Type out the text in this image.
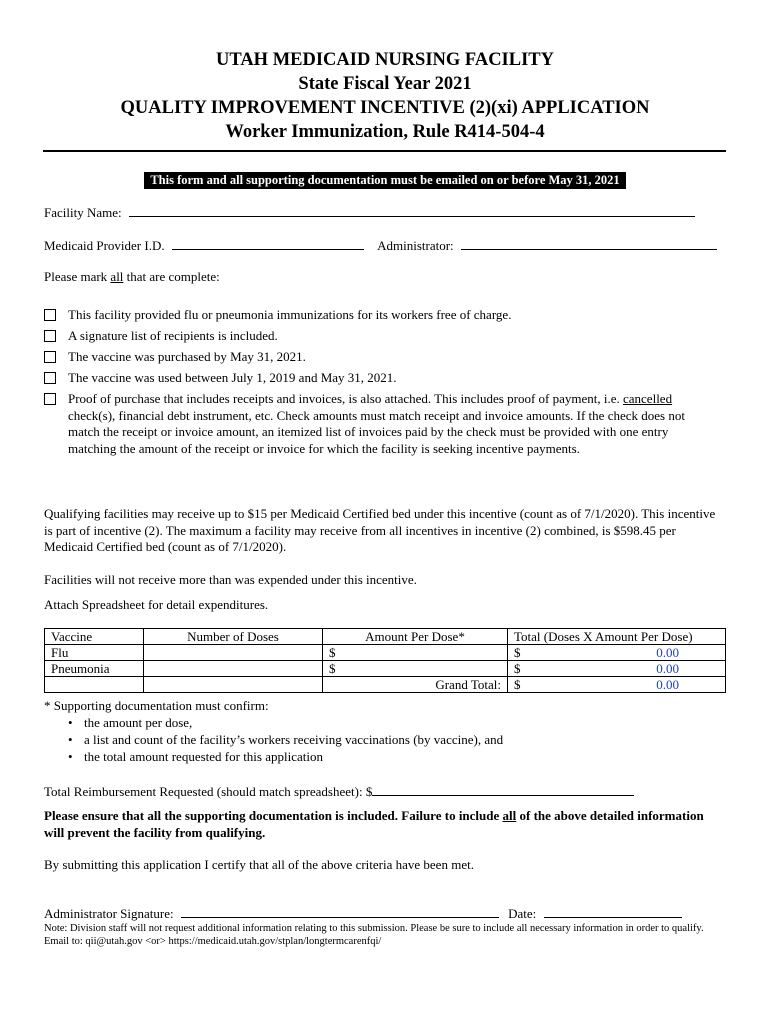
UTAH MEDICAID NURSING FACILITY
State Fiscal Year 2021
QUALITY IMPROVEMENT INCENTIVE (2)(xi) APPLICATION
Worker Immunization, Rule R414-504-4
This form and all supporting documentation must be emailed on or before May 31, 2021
Facility Name:
Medicaid Provider I.D.	Administrator:
Please mark all that are complete:
This facility provided flu or pneumonia immunizations for its workers free of charge.
A signature list of recipients is included.
The vaccine was purchased by May 31, 2021.
The vaccine was used between July 1, 2019 and May 31, 2021.
Proof of purchase that includes receipts and invoices, is also attached. This includes proof of payment, i.e. cancelled check(s), financial debt instrument, etc. Check amounts must match receipt and invoice amounts. If the check does not match the receipt or invoice amount, an itemized list of invoices paid by the check must be provided with one entry matching the amount of the receipt or invoice for which the facility is seeking incentive payments.
Qualifying facilities may receive up to $15 per Medicaid Certified bed under this incentive (count as of 7/1/2020). This incentive is part of incentive (2). The maximum a facility may receive from all incentives in incentive (2) combined, is $598.45 per Medicaid Certified bed (count as of 7/1/2020).
Facilities will not receive more than was expended under this incentive.
Attach Spreadsheet for detail expenditures.
Vaccine	Number of Doses	Amount Per Dose*	Total (Doses X Amount Per Dose)
Flu		$	$ 0.00

Pneumonia		$	$ 0.00

		Grand Total:	$ 0.00
* Supporting documentation must confirm:
• the amount per dose,
• a list and count of the facility’s workers receiving vaccinations (by vaccine), and
• the total amount requested for this application
Total Reimbursement Requested (should match spreadsheet): $
Please ensure that all the supporting documentation is included. Failure to include all of the above detailed information will prevent the facility from qualifying.
By submitting this application I certify that all of the above criteria have been met.
Administrator Signature:	Date:
Note: Division staff will not request additional information relating to this submission. Please be sure to include all necessary information in order to qualify. Email to: qii@utah.gov <or> https://medicaid.utah.gov/stplan/longtermcarenfqi/
